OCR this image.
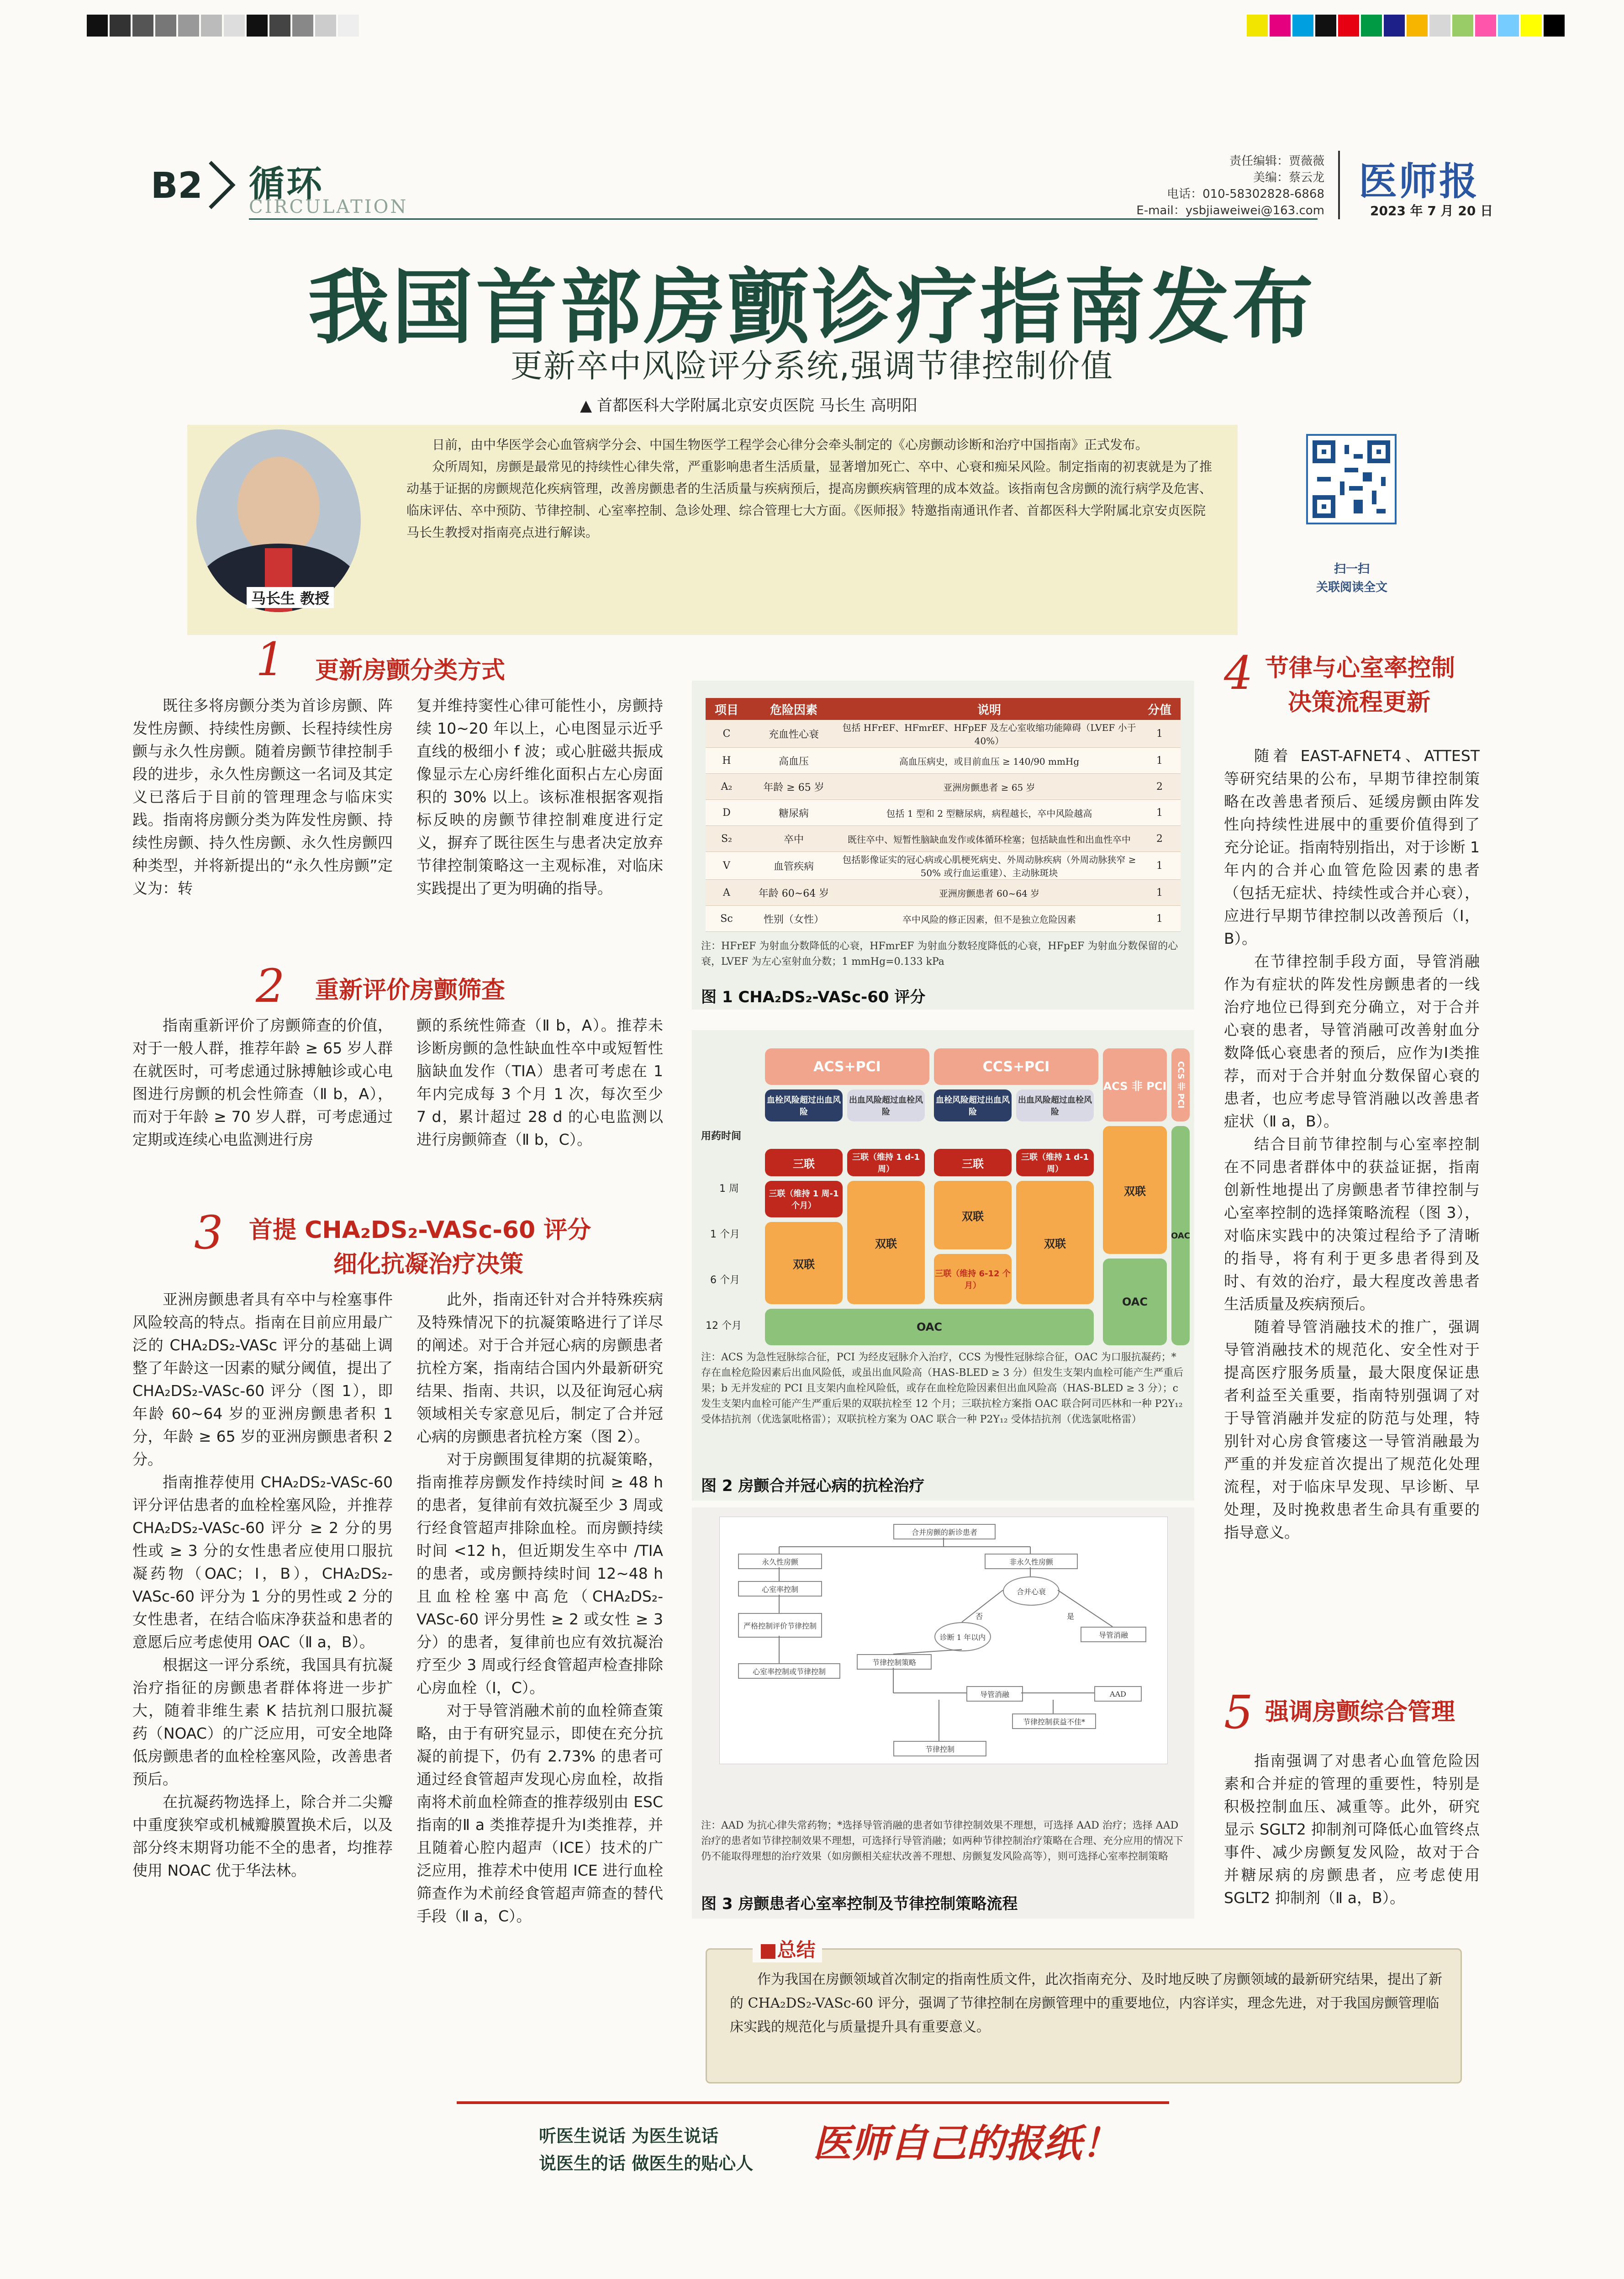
B2 循环
CIRCULATION
责任编辑：贾薇薇
美编：蔡云龙
电话：010-58302828-6868
E-mail：ysbjiaweiwei@163.com
医师报
2023 年 7 月 20 日
我国首部房颤诊疗指南发布
更新卒中风险评分系统,强调节律控制价值
▲ 首都医科大学附属北京安贞医院 马长生 高明阳

日前，由中华医学会心血管病学分会、中国生物医学工程学会心律分会牵头制定的《心房颤动诊断和治疗中国指南》正式发布。

众所周知，房颤是最常见的持续性心律失常，严重影响患者生活质量，显著增加死亡、卒中、心衰和痴呆风险。制定指南的初衷就是为了推动基于证据的房颤规范化疾病管理，改善房颤患者的生活质量与疾病预后，提高房颤疾病管理的成本效益。该指南包含房颤的流行病学及危害、临床评估、卒中预防、节律控制、心室率控制、急诊处理、综合管理七大方面。《医师报》特邀指南通讯作者、首都医科大学附属北京安贞医院马长生教授对指南亮点进行解读。

马长生 教授
扫一扫
关联阅读全文
1 更新房颤分类方式

既往多将房颤分类为首诊房颤、阵发性房颤、持续性房颤、长程持续性房颤与永久性房颤。随着房颤节律控制手段的进步，永久性房颤这一名词及其定义已落后于目前的管理理念与临床实践。指南将房颤分类为阵发性房颤、持续性房颤、持久性房颤、永久性房颤四种类型，并将新提出的“永久性房颤”定义为：转

复并维持窦性心律可能性小，房颤持续 10~20 年以上，心电图显示近乎直线的极细小 f 波；或心脏磁共振成像显示左心房纤维化面积占左心房面积的 30% 以上。该标准根据客观指标反映的房颤节律控制难度进行定义，摒弃了既往医生与患者决定放弃节律控制策略这一主观标准，对临床实践提出了更为明确的指导。

2 重新评价房颤筛查

指南重新评价了房颤筛查的价值，对于一般人群，推荐年龄 ≥ 65 岁人群在就医时，可考虑通过脉搏触诊或心电图进行房颤的机会性筛查（Ⅱ b，A），而对于年龄 ≥ 70 岁人群，可考虑通过定期或连续心电监测进行房

颤的系统性筛查（Ⅱ b，A）。推荐未诊断房颤的急性缺血性卒中或短暂性脑缺血发作（TIA）患者可考虑在 1 年内完成每 3 个月 1 次，每次至少 7 d，累计超过 28 d 的心电监测以进行房颤筛查（Ⅱ b，C）。

3 首提 CHA₂DS₂-VASc-60 评分
细化抗凝治疗决策

亚洲房颤患者具有卒中与栓塞事件风险较高的特点。指南在目前应用最广泛的 CHA₂DS₂-VASc 评分的基础上调整了年龄这一因素的赋分阈值，提出了 CHA₂DS₂-VASc-60 评分（图 1），即年龄 60~64 岁的亚洲房颤患者积 1 分，年龄 ≥ 65 岁的亚洲房颤患者积 2 分。

指南推荐使用 CHA₂DS₂-VASc-60 评分评估患者的血栓栓塞风险，并推荐 CHA₂DS₂-VASc-60 评分 ≥ 2 分的男性或 ≥ 3 分的女性患者应使用口服抗凝药物（OAC；Ⅰ，B），CHA₂DS₂-VASc-60 评分为 1 分的男性或 2 分的女性患者，在结合临床净获益和患者的意愿后应考虑使用 OAC（Ⅱ a，B）。

根据这一评分系统，我国具有抗凝治疗指征的房颤患者群体将进一步扩大，随着非维生素 K 拮抗剂口服抗凝药（NOAC）的广泛应用，可安全地降低房颤患者的血栓栓塞风险，改善患者预后。

在抗凝药物选择上，除合并二尖瓣中重度狭窄或机械瓣膜置换术后，以及部分终末期肾功能不全的患者，均推荐使用 NOAC 优于华法林。

此外，指南还针对合并特殊疾病及特殊情况下的抗凝策略进行了详尽的阐述。对于合并冠心病的房颤患者抗栓方案，指南结合国内外最新研究结果、指南、共识，以及征询冠心病领域相关专家意见后，制定了合并冠心病的房颤患者抗栓方案（图 2）。

对于房颤围复律期的抗凝策略，指南推荐房颤发作持续时间 ≥ 48 h 的患者，复律前有效抗凝至少 3 周或行经食管超声排除血栓。而房颤持续时间 <12 h，但近期发生卒中 /TIA 的患者，或房颤持续时间 12~48 h 且血栓栓塞中高危（CHA₂DS₂-VASc-60 评分男性 ≥ 2 或女性 ≥ 3 分）的患者，复律前也应有效抗凝治疗至少 3 周或行经食管超声检查排除心房血栓（Ⅰ，C）。

对于导管消融术前的血栓筛查策略，由于有研究显示，即使在充分抗凝的前提下，仍有 2.73% 的患者可通过经食管超声发现心房血栓，故指南将术前血栓筛查的推荐级别由 ESC 指南的Ⅱ a 类推荐提升为Ⅰ类推荐，并且随着心腔内超声（ICE）技术的广泛应用，推荐术中使用 ICE 进行血栓筛查作为术前经食管超声筛查的替代手段（Ⅱ a，C）。

项目	危险因素	说明	分值
C	充血性心衰	包括 HFrEF、HFmrEF、HFpEF 及左心室收缩功能障碍（LVEF 小于 40%）	1
H	高血压	高血压病史，或目前血压 ≥ 140/90 mmHg	1
A₂	年龄 ≥ 65 岁	亚洲房颤患者 ≥ 65 岁	2
D	糖尿病	包括 1 型和 2 型糖尿病，病程越长，卒中风险越高	1
S₂	卒中	既往卒中、短暂性脑缺血发作或体循环栓塞；包括缺血性和出血性卒中	2
V	血管疾病	包括影像证实的冠心病或心肌梗死病史、外周动脉疾病（外周动脉狭窄 ≥ 50% 或行血运重建）、主动脉斑块	1
A	年龄 60~64 岁	亚洲房颤患者 60~64 岁	1
Sc	性别（女性）	卒中风险的修正因素，但不是独立危险因素	1
注：HFrEF 为射血分数降低的心衰，HFmrEF 为射血分数轻度降低的心衰，HFpEF 为射血分数保留的心衰，LVEF 为左心室射血分数；1 mmHg=0.133 kPa
图 1 CHA₂DS₂-VASc-60 评分
ACS+PCI	CCS+PCI
ACS 非 PCI	CCS 非 PCI
血栓风险超过出血风险
出血风险超过血栓风险
血栓风险超过出血风险
出血风险超过血栓风险
用药时间
1 周
1 个月
6 个月
12 个月
三联	三联（维持 1 d-1 周）	三联	三联（维持 1 d-1 周）
三联（维持 1 周-1 个月）
双联
双联
双联
三联（维持 6-12 个月）
双联
双联
OAC
OAC
OAC
注：ACS 为急性冠脉综合征，PCI 为经皮冠脉介入治疗，CCS 为慢性冠脉综合征，OAC 为口服抗凝药；*存在血栓危险因素后出血风险低，或虽出血风险高（HAS-BLED ≥ 3 分）但发生支架内血栓可能产生严重后果；b 无并发症的 PCI 且支架内血栓风险低，或存在血栓危险因素但出血风险高（HAS-BLED ≥ 3 分）；c 发生支架内血栓可能产生严重后果的双联抗栓至 12 个月；三联抗栓方案指 OAC 联合阿司匹林和一种 P2Y₁₂ 受体拮抗剂（优选氯吡格雷）；双联抗栓方案为 OAC 联合一种 P2Y₁₂ 受体拮抗剂（优选氯吡格雷）
图 2 房颤合并冠心病的抗栓治疗
合并房颤的新诊患者
永久性房颤	非永久性房颤
心室率控制	合并心衰
严格控制评价节律控制
否	是
诊断 1 年以内	导管消融
心室率控制或节律控制
导管消融	AAD
节律控制获益不佳*
节律控制策略
节律控制
注：AAD 为抗心律失常药物；*选择导管消融的患者如节律控制效果不理想，可选择 AAD 治疗；选择 AAD 治疗的患者如节律控制效果不理想，可选择行导管消融；如两种节律控制治疗策略在合理、充分应用的情况下仍不能取得理想的治疗效果（如房颤相关症状改善不理想、房颤复发风险高等），则可选择心室率控制策略
图 3 房颤患者心室率控制及节律控制策略流程
4 节律与心室率控制
决策流程更新

随着 EAST-AFNET4、ATTEST 等研究结果的公布，早期节律控制策略在改善患者预后、延缓房颤由阵发性向持续性进展中的重要价值得到了充分论证。指南特别指出，对于诊断 1 年内的合并心血管危险因素的患者（包括无症状、持续性或合并心衰），应进行早期节律控制以改善预后（Ⅰ，B）。

在节律控制手段方面，导管消融作为有症状的阵发性房颤患者的一线治疗地位已得到充分确立，对于合并心衰的患者，导管消融可改善射血分数降低心衰患者的预后，应作为Ⅰ类推荐，而对于合并射血分数保留心衰的患者，也应考虑导管消融以改善患者症状（Ⅱ a，B）。

结合目前节律控制与心室率控制在不同患者群体中的获益证据，指南创新性地提出了房颤患者节律控制与心室率控制的选择策略流程（图 3），对临床实践中的决策过程给予了清晰的指导，将有利于更多患者得到及时、有效的治疗，最大程度改善患者生活质量及疾病预后。

随着导管消融技术的推广，强调导管消融技术的规范化、安全性对于提高医疗服务质量，最大限度保证患者利益至关重要，指南特别强调了对于导管消融并发症的防范与处理，特别针对心房食管瘘这一导管消融最为严重的并发症首次提出了规范化处理流程，对于临床早发现、早诊断、早处理，及时挽救患者生命具有重要的指导意义。

5 强调房颤综合管理

指南强调了对患者心血管危险因素和合并症的管理的重要性，特别是积极控制血压、减重等。此外，研究显示 SGLT2 抑制剂可降低心血管终点事件、减少房颤复发风险，故对于合并糖尿病的房颤患者，应考虑使用 SGLT2 抑制剂（Ⅱ a，B）。

■总结

作为我国在房颤领域首次制定的指南性质文件，此次指南充分、及时地反映了房颤领域的最新研究结果，提出了新的 CHA₂DS₂-VASc-60 评分，强调了节律控制在房颤管理中的重要地位，内容详实，理念先进，对于我国房颤管理临床实践的规范化与质量提升具有重要意义。

听医生说话 为医生说话
说医生的话 做医生的贴心人 医师自己的报纸！
